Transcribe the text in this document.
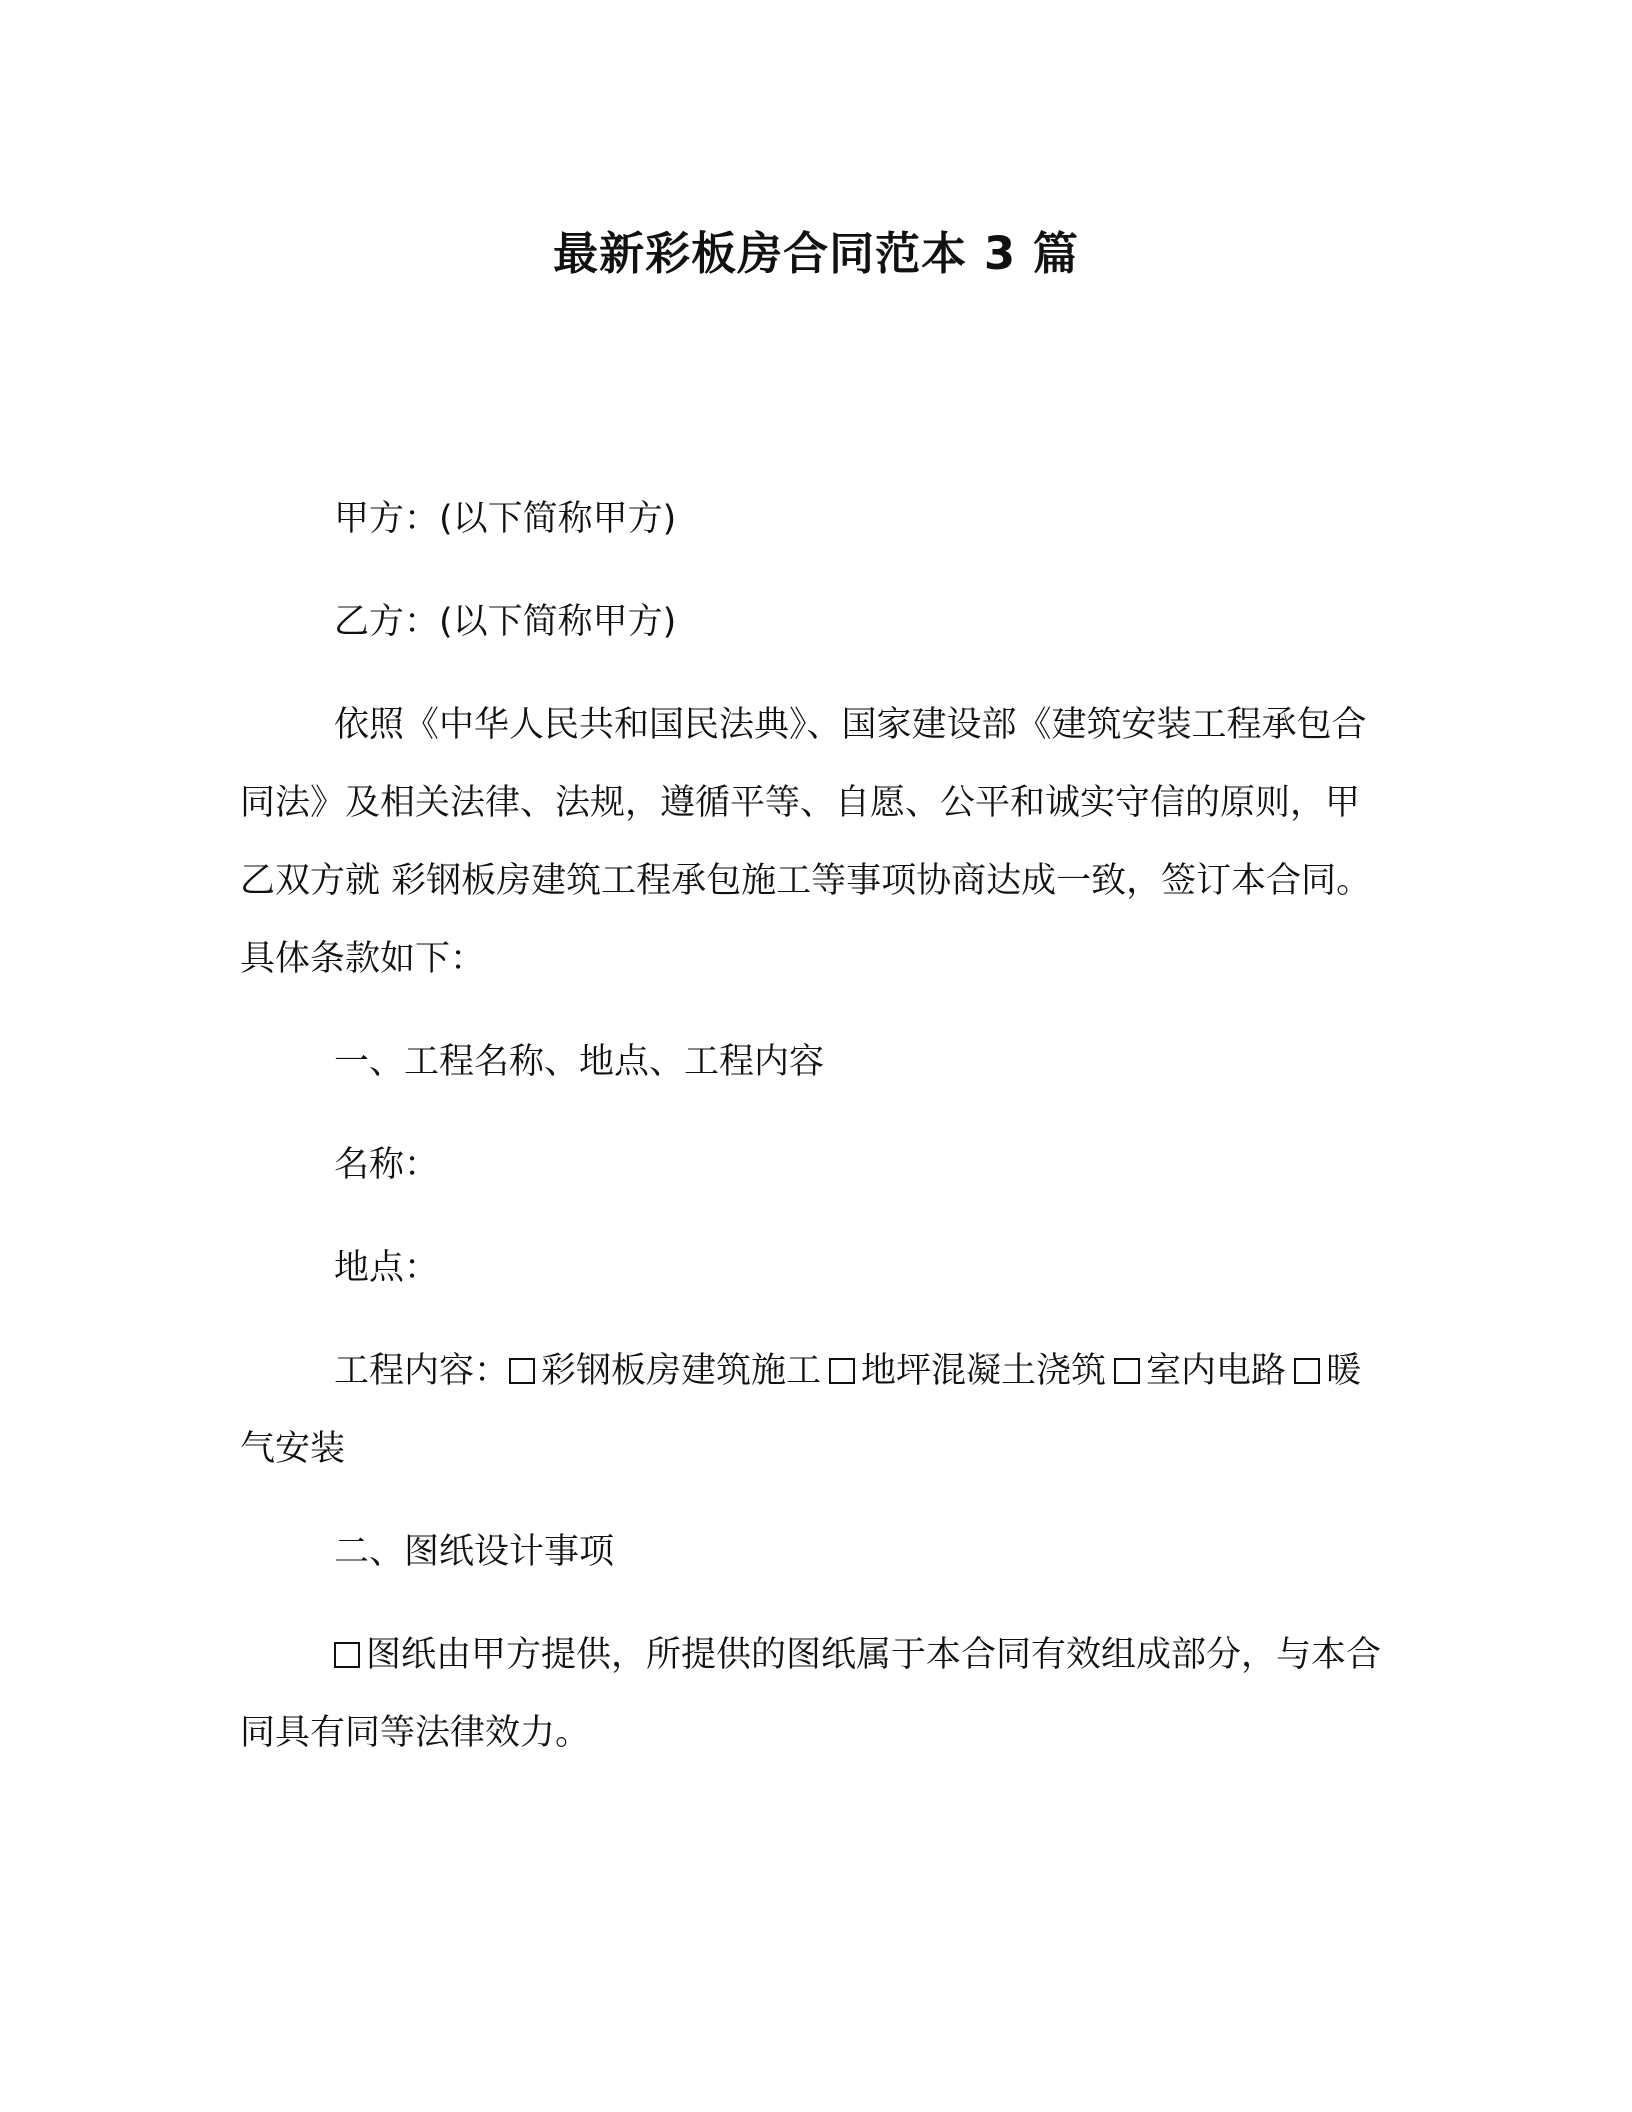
最新彩板房合同范本 3 篇

甲方：(以下简称甲方)

乙方：(以下简称甲方)

依照《中华人民共和国民法典》、国家建设部《建筑安装工程承包合同法》及相关法律、法规，遵循平等、自愿、公平和诚实守信的原则，甲乙双方就 彩钢板房建筑工程承包施工等事项协商达成一致，签订本合同。具体条款如下：

一、工程名称、地点、工程内容

名称：

地点：

工程内容： 彩钢板房建筑施工 地坪混凝土浇筑 室内电路 暖气安装

二、图纸设计事项

图纸由甲方提供，所提供的图纸属于本合同有效组成部分，与本合同具有同等法律效力。
